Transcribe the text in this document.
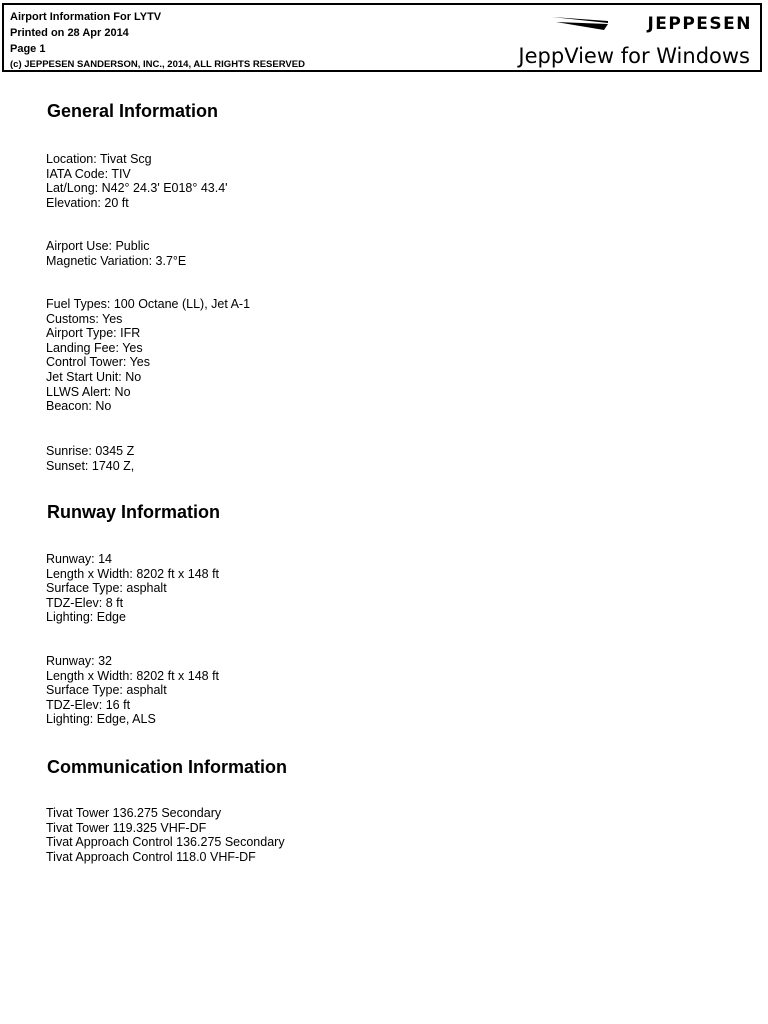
Airport Information For LYTV
Printed on 28 Apr 2014
Page 1
(c) JEPPESEN SANDERSON, INC., 2014, ALL RIGHTS RESERVED
JEPPESEN
JeppView for Windows
General Information
Location: Tivat Scg
IATA Code: TIV
Lat/Long: N42° 24.3' E018° 43.4'
Elevation: 20 ft
Airport Use: Public
Magnetic Variation: 3.7°E
Fuel Types: 100 Octane (LL), Jet A-1
Customs: Yes
Airport Type: IFR
Landing Fee: Yes
Control Tower: Yes
Jet Start Unit: No
LLWS Alert: No
Beacon: No
Sunrise: 0345 Z
Sunset: 1740 Z,
Runway Information
Runway: 14
Length x Width: 8202 ft x 148 ft
Surface Type: asphalt
TDZ-Elev: 8 ft
Lighting: Edge
Runway: 32
Length x Width: 8202 ft x 148 ft
Surface Type: asphalt
TDZ-Elev: 16 ft
Lighting: Edge, ALS
Communication Information
Tivat Tower 136.275 Secondary
Tivat Tower 119.325 VHF-DF
Tivat Approach Control 136.275 Secondary
Tivat Approach Control 118.0 VHF-DF
